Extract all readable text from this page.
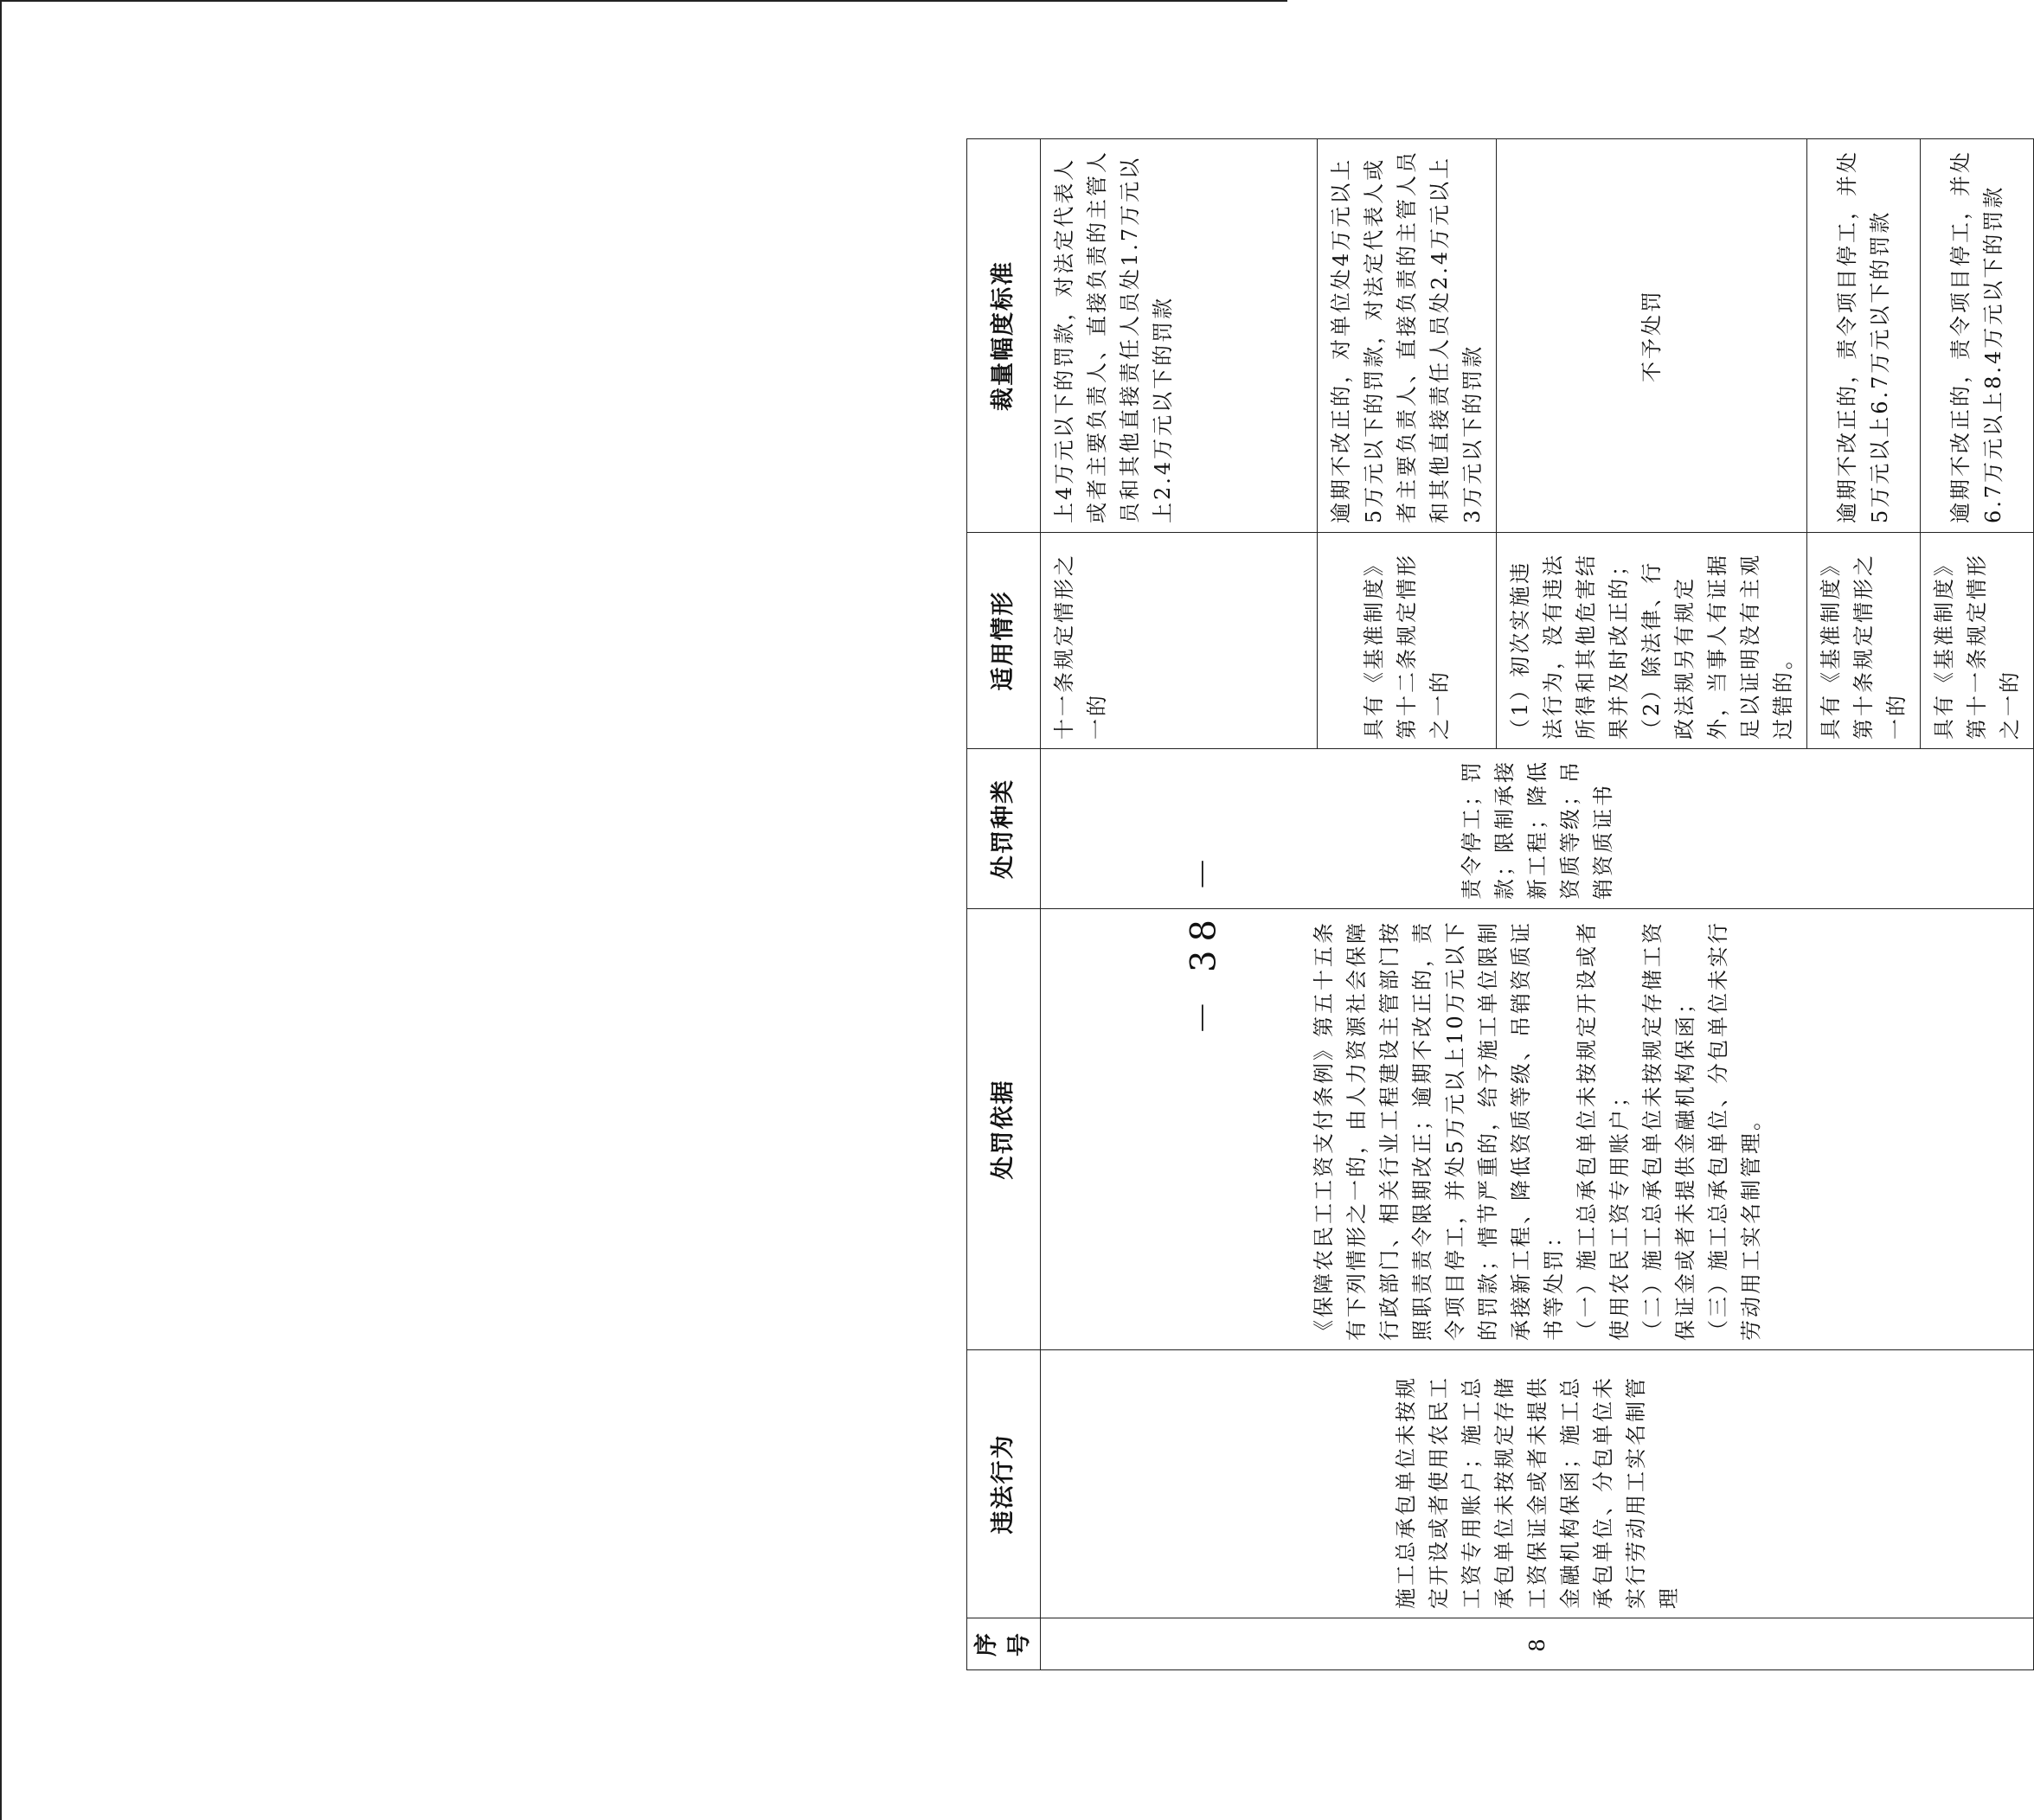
序号	违法行为	处罚依据	处罚种类	适用情形	裁量幅度标准
8	施工总承包单位未按规定开设或者使用农民工工资专用账户；施工总承包单位未按规定存储工资保证金或者未提供金融机构保函；施工总承包单位、分包单位未实行劳动用工实名制管理	《保障农民工工资支付条例》第五十五条　有下列情形之一的，由人力资源社会保障行政部门、相关行业工程建设主管部门按照职责责令限期改正；逾期不改正的，责令项目停工，并处5万元以上10万元以下的罚款；情节严重的，给予施工单位限制承接新工程、降低资质等级、吊销资质证书等处罚：
（一）施工总承包单位未按规定开设或者使用农民工资专用账户；
（二）施工总承包单位未按规定存储工资保证金或者未提供金融机构保函；
（三）施工总承包单位、分包单位未实行劳动用工实名制管理。	责令停工；罚款；限制承接新工程；降低资质等级；吊销资质证书	十一条规定情形之一的	上4万元以下的罚款，对法定代表人或者主要负责人、直接负责的主管人员和其他直接责任人员处1.7万元以上2.4万元以下的罚款
				具有《基准制度》第十二条规定情形之一的	逾期不改正的，对单位处4万元以上5万元以下的罚款，对法定代表人或者主要负责人、直接负责的主管人员和其他直接责任人员处2.4万元以上3万元以下的罚款
				（1）初次实施违法行为，没有违法所得和其他危害结果并及时改正的；
（2）除法律、行政法规另有规定外，当事人有证据足以证明没有主观过错的。	不予处罚
				具有《基准制度》第十条规定情形之一的	逾期不改正的，责令项目停工，并处5万元以上6.7万元以下的罚款
				具有《基准制度》第十一条规定情形之一的	逾期不改正的，责令项目停工，并处6.7万元以上8.4万元以下的罚款
－ 38 －
